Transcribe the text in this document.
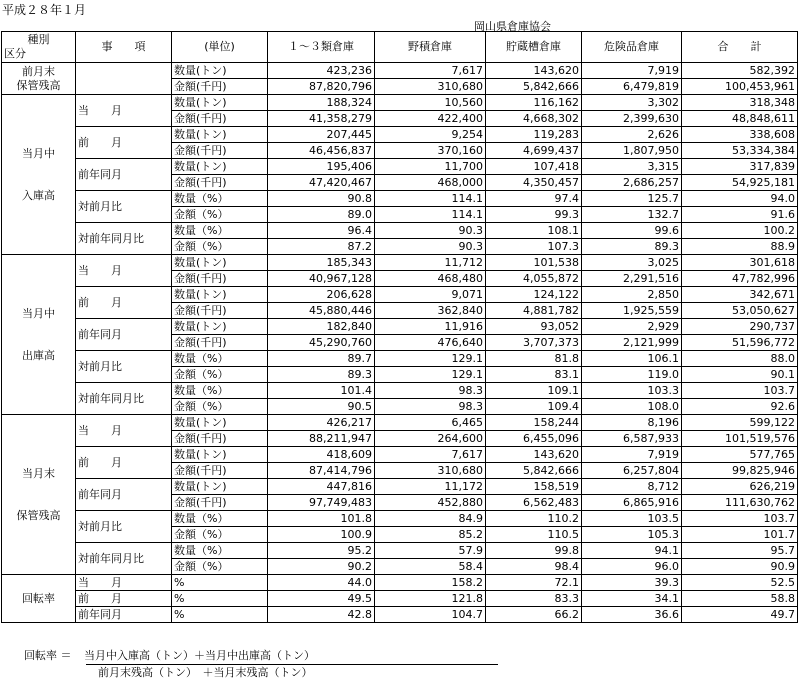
平成２８年１月
岡山県倉庫協会
種別
区分	事　　項	(単位)	１～３類倉庫	野積倉庫	貯蔵槽倉庫	危険品倉庫	合　　計

前月末
保管残高		数量(トン)	423,236	7,617	143,620	7,919	582,392
		金額(千円)	87,820,796	310,680	5,842,666	6,479,819	100,453,961

当月中
入庫高	当　　月	数量(トン)	188,324	10,560	116,162	3,302	318,348
		金額(千円)	41,358,279	422,400	4,668,302	2,399,630	48,848,611
	前　　月	数量(トン)	207,445	9,254	119,283	2,626	338,608
		金額(千円)	46,456,837	370,160	4,699,437	1,807,950	53,334,384
	前年同月	数量(トン)	195,406	11,700	107,418	3,315	317,839
		金額(千円)	47,420,467	468,000	4,350,457	2,686,257	54,925,181
	対前月比	数量（%）	90.8	114.1	97.4	125.7	94.0
		金額（%）	89.0	114.1	99.3	132.7	91.6
	対前年同月比	数量（%）	96.4	90.3	108.1	99.6	100.2
		金額（%）	87.2	90.3	107.3	89.3	88.9

当月中
出庫高	当　　月	数量(トン)	185,343	11,712	101,538	3,025	301,618
		金額(千円)	40,967,128	468,480	4,055,872	2,291,516	47,782,996
	前　　月	数量(トン)	206,628	9,071	124,122	2,850	342,671
		金額(千円)	45,880,446	362,840	4,881,782	1,925,559	53,050,627
	前年同月	数量(トン)	182,840	11,916	93,052	2,929	290,737
		金額(千円)	45,290,760	476,640	3,707,373	2,121,999	51,596,772
	対前月比	数量（%）	89.7	129.1	81.8	106.1	88.0
		金額（%）	89.3	129.1	83.1	119.0	90.1
	対前年同月比	数量（%）	101.4	98.3	109.1	103.3	103.7
		金額（%）	90.5	98.3	109.4	108.0	92.6

当月末
保管残高	当　　月	数量(トン)	426,217	6,465	158,244	8,196	599,122
		金額(千円)	88,211,947	264,600	6,455,096	6,587,933	101,519,576
	前　　月	数量(トン)	418,609	7,617	143,620	7,919	577,765
		金額(千円)	87,414,796	310,680	5,842,666	6,257,804	99,825,946
	前年同月	数量(トン)	447,816	11,172	158,519	8,712	626,219
		金額(千円)	97,749,483	452,880	6,562,483	6,865,916	111,630,762
	対前月比	数量（%）	101.8	84.9	110.2	103.5	103.7
		金額（%）	100.9	85.2	110.5	105.3	101.7
	対前年同月比	数量（%）	95.2	57.9	99.8	94.1	95.7
		金額（%）	90.2	58.4	98.4	96.0	90.9

回転率	当　　月	%	44.0	158.2	72.1	39.3	52.5
	前　　月	%	49.5	121.8	83.3	34.1	58.8
	前年同月	%	42.8	104.7	66.2	36.6	49.7
回転率 ＝ 当月中入庫高（トン）＋当月中出庫高（トン）
前月末残高（トン）　＋当月末残高（トン）
